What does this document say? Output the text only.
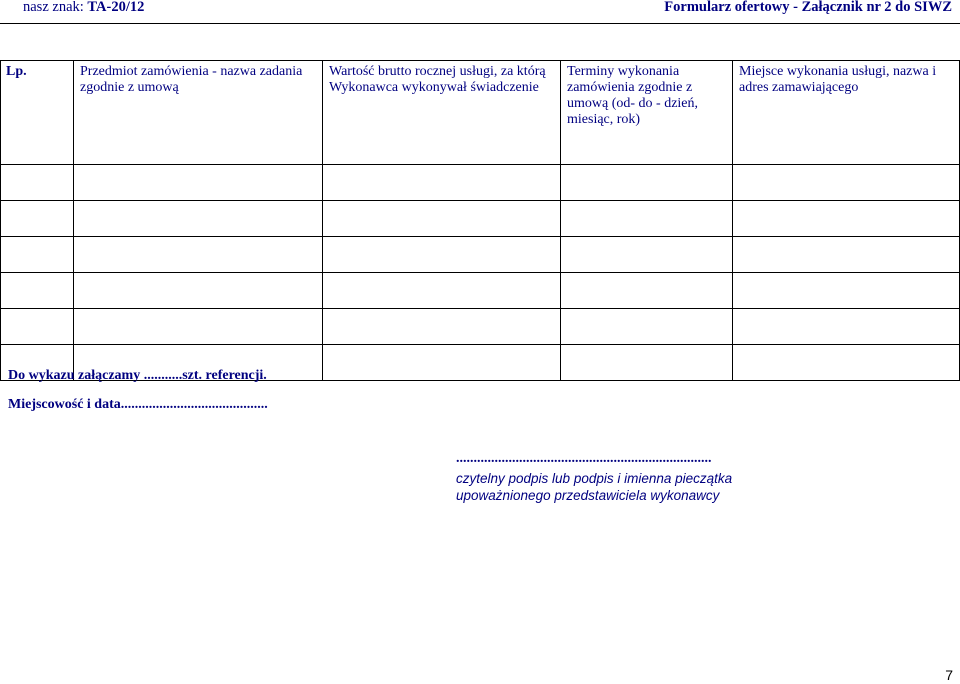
nasz znak: TA-20/12	Formularz ofertowy - Załącznik nr 2 do SIWZ
Lp.	Przedmiot zamówienia - nazwa zadania zgodnie z umową	Wartość brutto rocznej usługi, za którą Wykonawca wykonywał świadczenie	Terminy wykonania zamówienia zgodnie z umową (od- do - dzień, miesiąc, rok)	Miejsce wykonania usługi, nazwa i adres zamawiającego

Do wykazu załączamy ...........szt. referencji.
Miejscowość i data..........................................
.........................................................................
czytelny podpis lub podpis i imienna pieczątka
upoważnionego przedstawiciela wykonawcy
7
